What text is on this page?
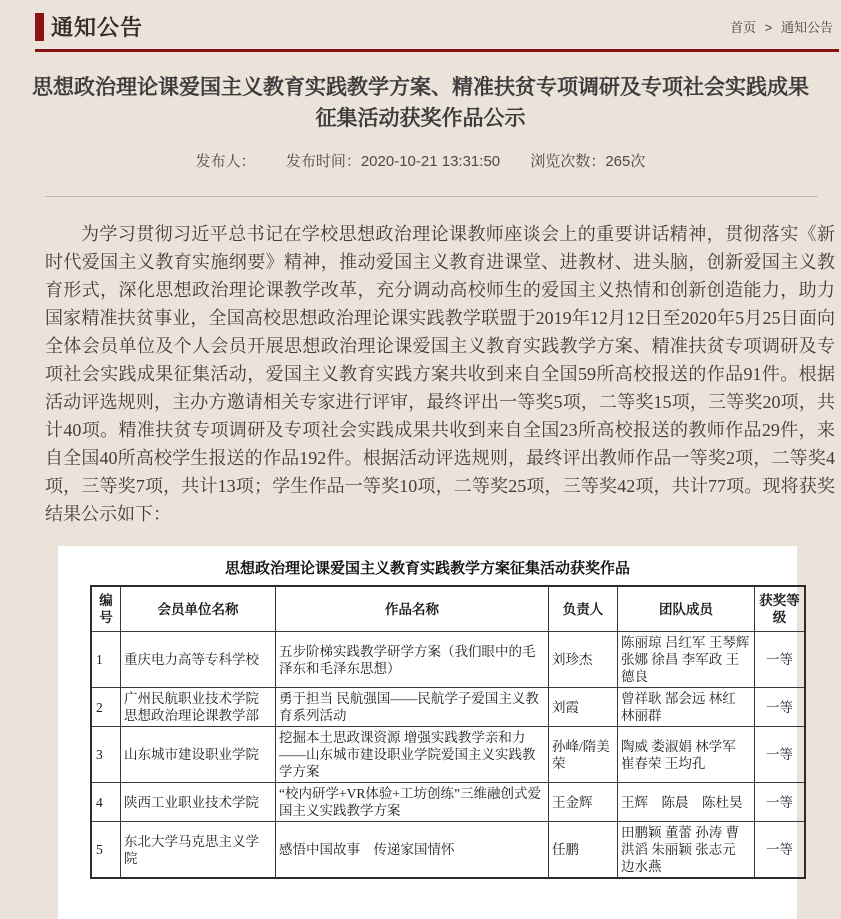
通知公告	首页 > 通知公告
思想政治理论课爱国主义教育实践教学方案、精准扶贫专项调研及专项社会实践成果征集活动获奖作品公示
发布人： 发布时间：2020-10-21 13:31:50 浏览次数：265次

为学习贯彻习近平总书记在学校思想政治理论课教师座谈会上的重要讲话精神，贯彻落实《新时代爱国主义教育实施纲要》精神，推动爱国主义教育进课堂、进教材、进头脑，创新爱国主义教育形式，深化思想政治理论课教学改革，充分调动高校师生的爱国主义热情和创新创造能力，助力国家精准扶贫事业，全国高校思想政治理论课实践教学联盟于2019年12月12日至2020年5月25日面向全体会员单位及个人会员开展思想政治理论课爱国主义教育实践教学方案、精准扶贫专项调研及专项社会实践成果征集活动，爱国主义教育实践方案共收到来自全国59所高校报送的作品91件。根据活动评选规则，主办方邀请相关专家进行评审，最终评出一等奖5项，二等奖15项，三等奖20项，共计40项。精准扶贫专项调研及专项社会实践成果共收到来自全国23所高校报送的教师作品29件，来自全国40所高校学生报送的作品192件。根据活动评选规则，最终评出教师作品一等奖2项，二等奖4项，三等奖7项，共计13项；学生作品一等奖10项，二等奖25项，三等奖42项，共计77项。现将获奖结果公示如下：

思想政治理论课爱国主义教育实践教学方案征集活动获奖作品
编号	会员单位名称	作品名称	负责人	团队成员	获奖等级
1	重庆电力高等专科学校	五步阶梯实践教学研学方案（我们眼中的毛泽东和毛泽东思想）	刘珍杰	陈丽琼 吕红军 王琴辉 张娜 徐昌 李军政 王德良	一等
2	广州民航职业技术学院思想政治理论课教学部	勇于担当 民航强国——民航学子爱国主义教育系列活动	刘霞	曾祥耿 郜会远 林红 林丽群	一等
3	山东城市建设职业学院	挖掘本土思政课资源 增强实践教学亲和力——山东城市建设职业学院爱国主义实践教学方案	孙峰/隋美荣	陶威 娄淑娟 林学军 崔春荣 王均孔	一等
4	陕西工业职业技术学院	“校内研学+VR体验+工坊创练”三维融创式爱国主义实践教学方案	王金辉	王辉　陈晨　陈杜昊	一等
5	东北大学马克思主义学院	感悟中国故事　传递家国情怀	任鹏	田鹏颖 董蕾 孙涛 曹洪滔 朱丽颖 张志元 边水燕	一等
